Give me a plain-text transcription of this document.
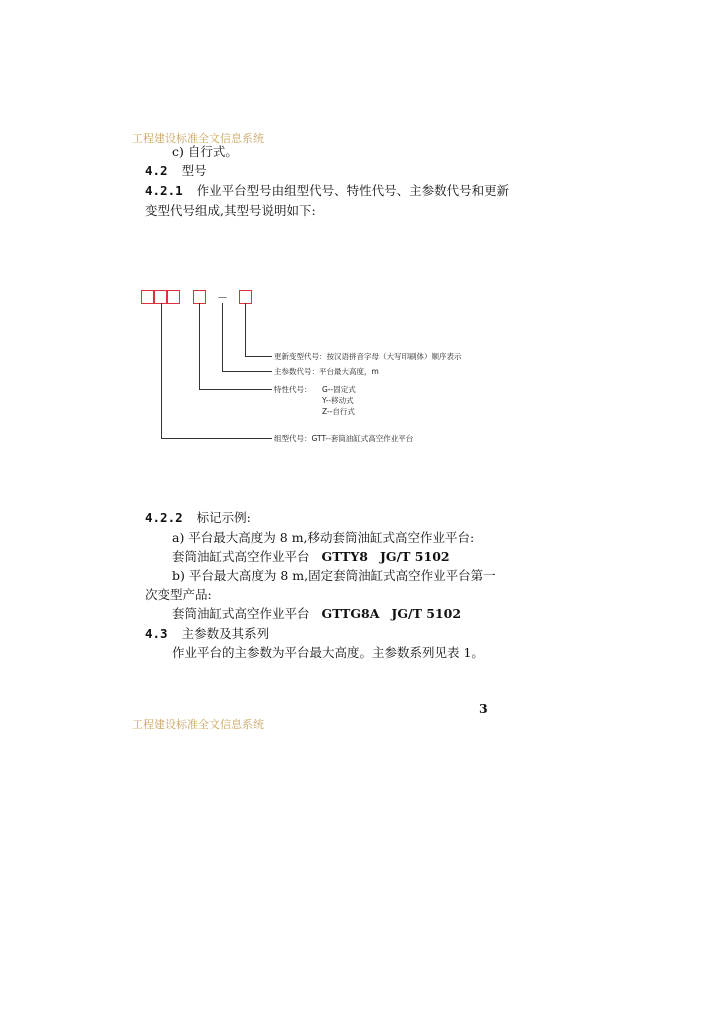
工程建设标准全文信息系统
c) 自行式。
4.2 型号
4.2.1 作业平台型号由组型代号、特性代号、主参数代号和更新
变型代号组成,其型号说明如下:
—
更新变型代号：按汉语拼音字母（大写印刷体）顺序表示
主参数代号：平台最大高度，m
特性代号： G--固定式
Y--移动式
Z--自行式
组型代号：GTT--套筒油缸式高空作业平台
4.2.2 标记示例:
a) 平台最大高度为 8 m,移动套筒油缸式高空作业平台:
套筒油缸式高空作业平台 GTTY8 JG/T 5102
b) 平台最大高度为 8 m,固定套筒油缸式高空作业平台第一
次变型产品:
套筒油缸式高空作业平台 GTTG8A JG/T 5102
4.3 主参数及其系列
作业平台的主参数为平台最大高度。主参数系列见表 1。
3
工程建设标准全文信息系统
